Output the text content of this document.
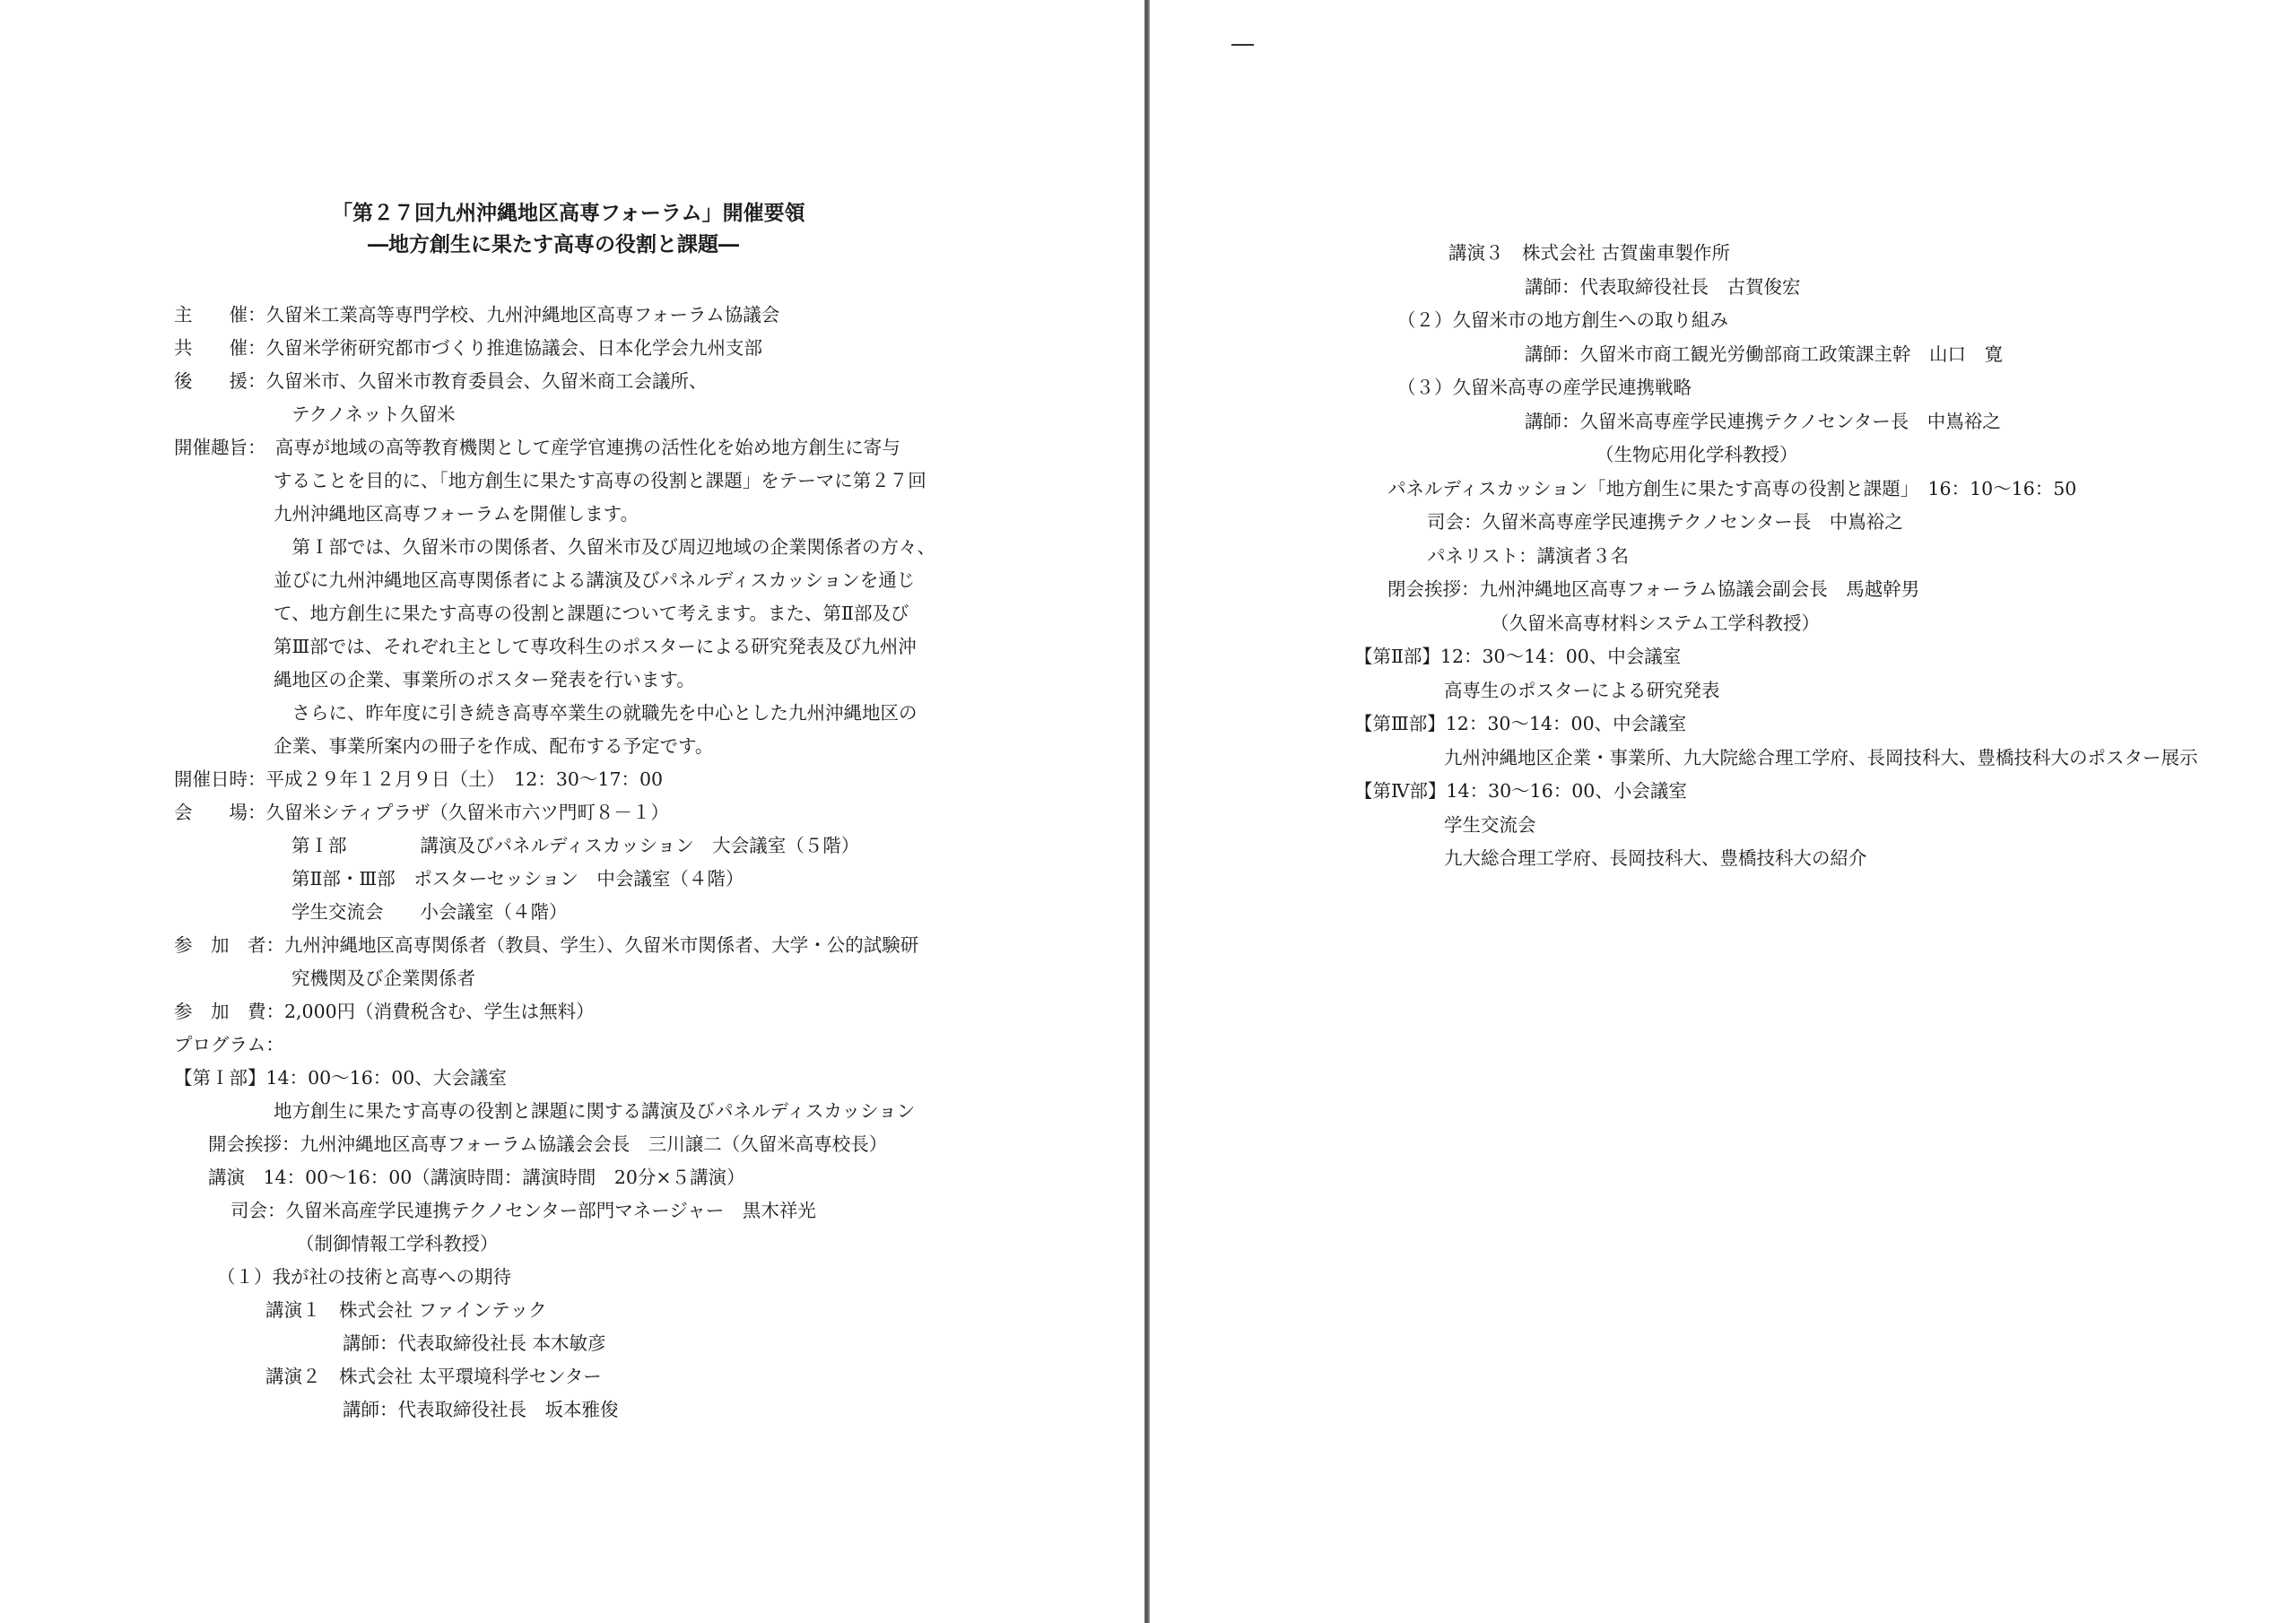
「第２７回九州沖縄地区高専フォーラム」開催要領
―地方創生に果たす高専の役割と課題―
主　　催：久留米工業高等専門学校、九州沖縄地区高専フォーラム協議会
共　　催：久留米学術研究都市づくり推進協議会、日本化学会九州支部
後　　援：久留米市、久留米市教育委員会、久留米商工会議所、
テクノネット久留米
開催趣旨：　高専が地域の高等教育機関として産学官連携の活性化を始め地方創生に寄与
することを目的に、「地方創生に果たす高専の役割と課題」をテーマに第２７回
九州沖縄地区高専フォーラムを開催します。
　第Ｉ部では、久留米市の関係者、久留米市及び周辺地域の企業関係者の方々、
並びに九州沖縄地区高専関係者による講演及びパネルディスカッションを通じ
て、地方創生に果たす高専の役割と課題について考えます。また、第Ⅱ部及び
第Ⅲ部では、それぞれ主として専攻科生のポスターによる研究発表及び九州沖
縄地区の企業、事業所のポスター発表を行います。
　さらに、昨年度に引き続き高専卒業生の就職先を中心とした九州沖縄地区の
企業、事業所案内の冊子を作成、配布する予定です。
開催日時：平成２９年１２月９日（土）　12：30～17：00
会　　場：久留米シティプラザ（久留米市六ツ門町８－１）
第Ｉ部　　　　講演及びパネルディスカッション　大会議室（５階）
第Ⅱ部・Ⅲ部　ポスターセッション　中会議室（４階）
学生交流会　　小会議室（４階）
参　加　者：九州沖縄地区高専関係者（教員、学生）、久留米市関係者、大学・公的試験研
究機関及び企業関係者
参　加　費：2,000円（消費税含む、学生は無料）
プログラム：
【第Ｉ部】14：00～16：00、大会議室
地方創生に果たす高専の役割と課題に関する講演及びパネルディスカッション
開会挨拶：九州沖縄地区高専フォーラム協議会会長　三川譲二（久留米高専校長）
講演　14：00～16：00（講演時間：講演時間　20分×５講演）
司会：久留米高産学民連携テクノセンター部門マネージャー　黒木祥光
（制御情報工学科教授）
（１）我が社の技術と高専への期待
講演１　株式会社 ファインテック
講師：代表取締役社長 本木敏彦
講演２　株式会社 太平環境科学センター
講師：代表取締役社長　坂本雅俊
講演３　株式会社 古賀歯車製作所
講師：代表取締役社長　古賀俊宏
（２）久留米市の地方創生への取り組み
講師：久留米市商工観光労働部商工政策課主幹　山口　寛
（３）久留米高専の産学民連携戦略
講師：久留米高専産学民連携テクノセンター長　中嶌裕之
（生物応用化学科教授）
パネルディスカッション「地方創生に果たす高専の役割と課題」　16：10～16：50
司会：久留米高専産学民連携テクノセンター長　中嶌裕之
パネリスト：講演者３名
閉会挨拶：九州沖縄地区高専フォーラム協議会副会長　馬越幹男
（久留米高専材料システム工学科教授）
【第Ⅱ部】12：30～14：00、中会議室
高専生のポスターによる研究発表
【第Ⅲ部】12：30～14：00、中会議室
九州沖縄地区企業・事業所、九大院総合理工学府、長岡技科大、豊橋技科大のポスター展示
【第Ⅳ部】14：30～16：00、小会議室
学生交流会
九大総合理工学府、長岡技科大、豊橋技科大の紹介
